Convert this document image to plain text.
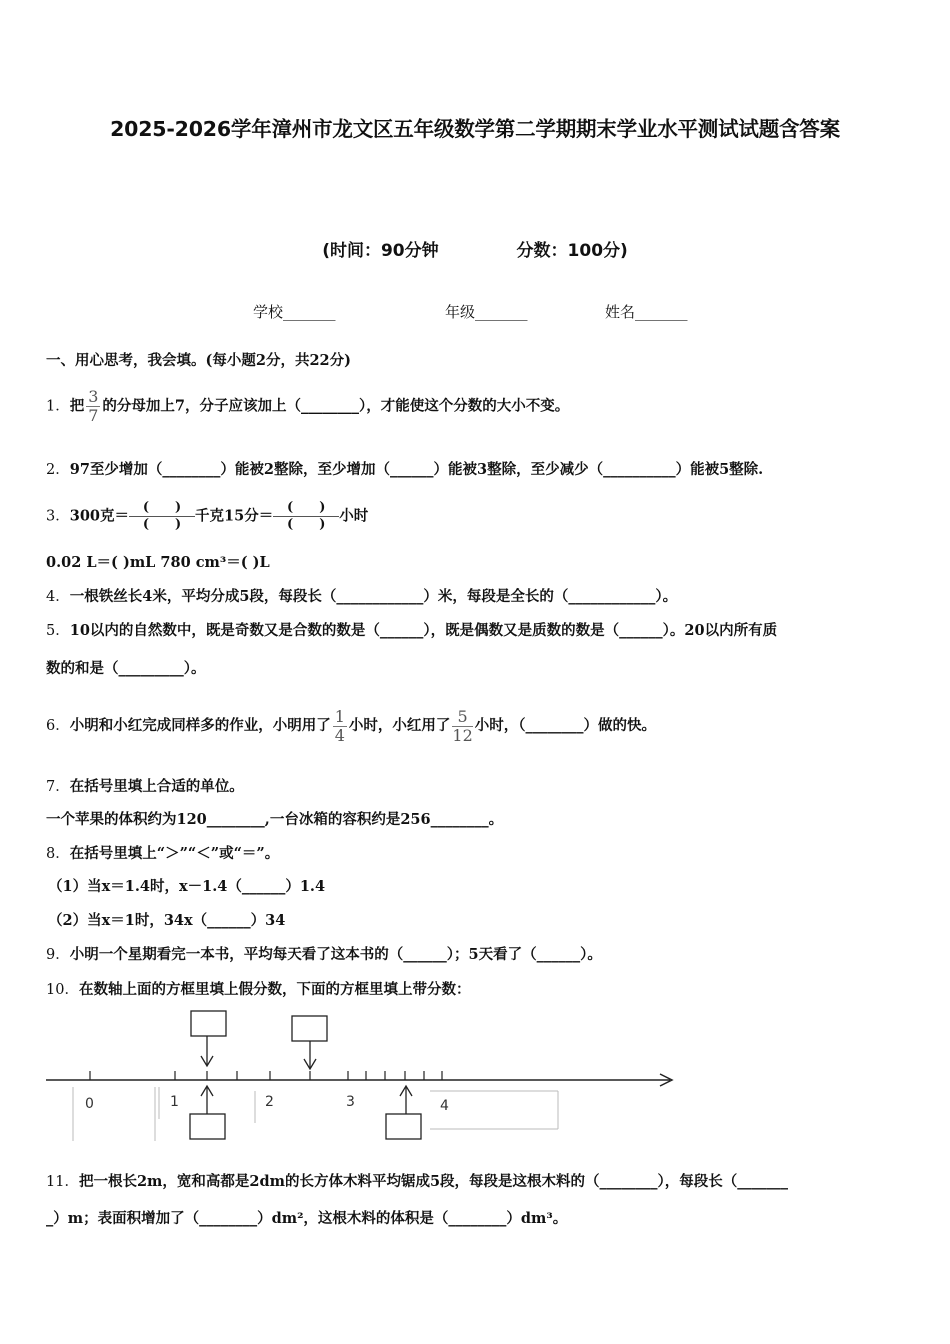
2025-2026学年漳州市龙文区五年级数学第二学期期末学业水平测试试题含答案
(时间：90分钟	分数：100分)
学校_______	年级_______	姓名_______
一、用心思考，我会填。(每小题2分，共22分)
1．把 $\frac{3}{7}$ 的分母加上7，分子应该加上（________），才能使这个分数的大小不变。
2．97至少增加（________）能被2整除，至少增加（______）能被3整除，至少减少（__________）能被5整除.
3．300克＝	(　　)
(　　) 千克15分＝	(　　)
(　　) 小时
0.02 L＝( )mL 780 cm³＝( )L
4．一根铁丝长4米，平均分成5段，每段长（____________）米，每段是全长的（____________）。
5．10以内的自然数中，既是奇数又是合数的数是（______），既是偶数又是质数的数是（______）。20以内所有质
数的和是（_________）。
6．小明和小红完成同样多的作业，小明用了 $\frac{1}{4}$ 小时，小红用了 $\frac{5}{12}$ 小时，（________）做的快。
7．在括号里填上合适的单位。
一个苹果的体积约为120________,一台冰箱的容积约是256________。
8．在括号里填上“＞”“＜”或“＝”。
（1）当x＝1.4时，x－1.4（______）1.4
（2）当x＝1时，34x（______）34
9．小明一个星期看完一本书，平均每天看了这本书的（______）；5天看了（______）。
10．在数轴上面的方框里填上假分数，下面的方框里填上带分数：
0	1	2	3	4
11．把一根长2m，宽和高都是2dm的长方体木料平均锯成5段，每段是这根木料的（________），每段长（_______
_）m；表面积增加了（________）dm²，这根木料的体积是（________）dm³。
